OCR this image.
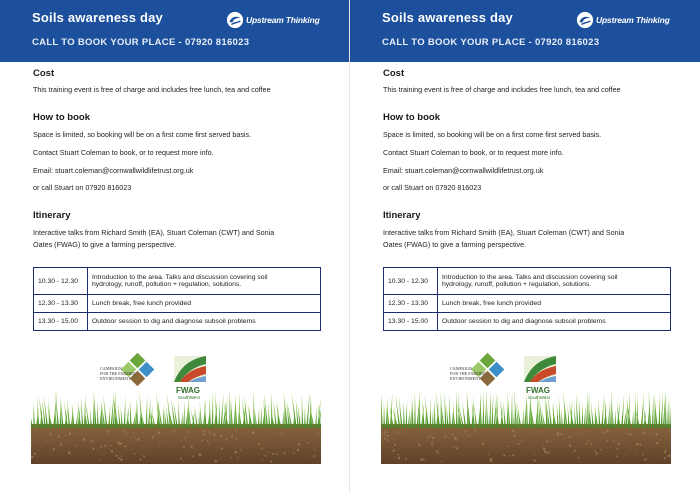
Soils awareness day
CALL TO BOOK YOUR PLACE - 07920 816023
Upstream Thinking
Cost
This training event is free of charge and includes free lunch, tea and coffee
How to book
Space is limited, so booking will be on a first come first served basis.
Contact Stuart Coleman to book, or to request more info.
Email: stuart.coleman@cornwallwildlifetrust.org.uk
or call Stuart on 07920 816023
Itinerary
Interactive talks from Richard Smith (EA), Stuart Coleman (CWT) and Sonia
Oates (FWAG) to give a farming perspective.
10.30 - 12.30	Introduction to the area. Talks and discussion covering soil
hydrology, runoff, pollution + regulation, solutions.

12.30 - 13.30	Lunch break, free lunch provided
13.30 - 15.00	Outdoor session to dig and diagnose subsoil problems
CAMPAIGN
FOR THE FARMED
ENVIRONMENT
FWAG
SouthWest
Soils awareness day
CALL TO BOOK YOUR PLACE - 07920 816023
Upstream Thinking
Cost
This training event is free of charge and includes free lunch, tea and coffee
How to book
Space is limited, so booking will be on a first come first served basis.
Contact Stuart Coleman to book, or to request more info.
Email: stuart.coleman@cornwallwildlifetrust.org.uk
or call Stuart on 07920 816023
Itinerary
Interactive talks from Richard Smith (EA), Stuart Coleman (CWT) and Sonia
Oates (FWAG) to give a farming perspective.
10.30 - 12.30	Introduction to the area. Talks and discussion covering soil
hydrology, runoff, pollution + regulation, solutions.

12.30 - 13.30	Lunch break, free lunch provided
13.30 - 15.00	Outdoor session to dig and diagnose subsoil problems
CAMPAIGN
FOR THE FARMED
ENVIRONMENT
FWAG
SouthWest
